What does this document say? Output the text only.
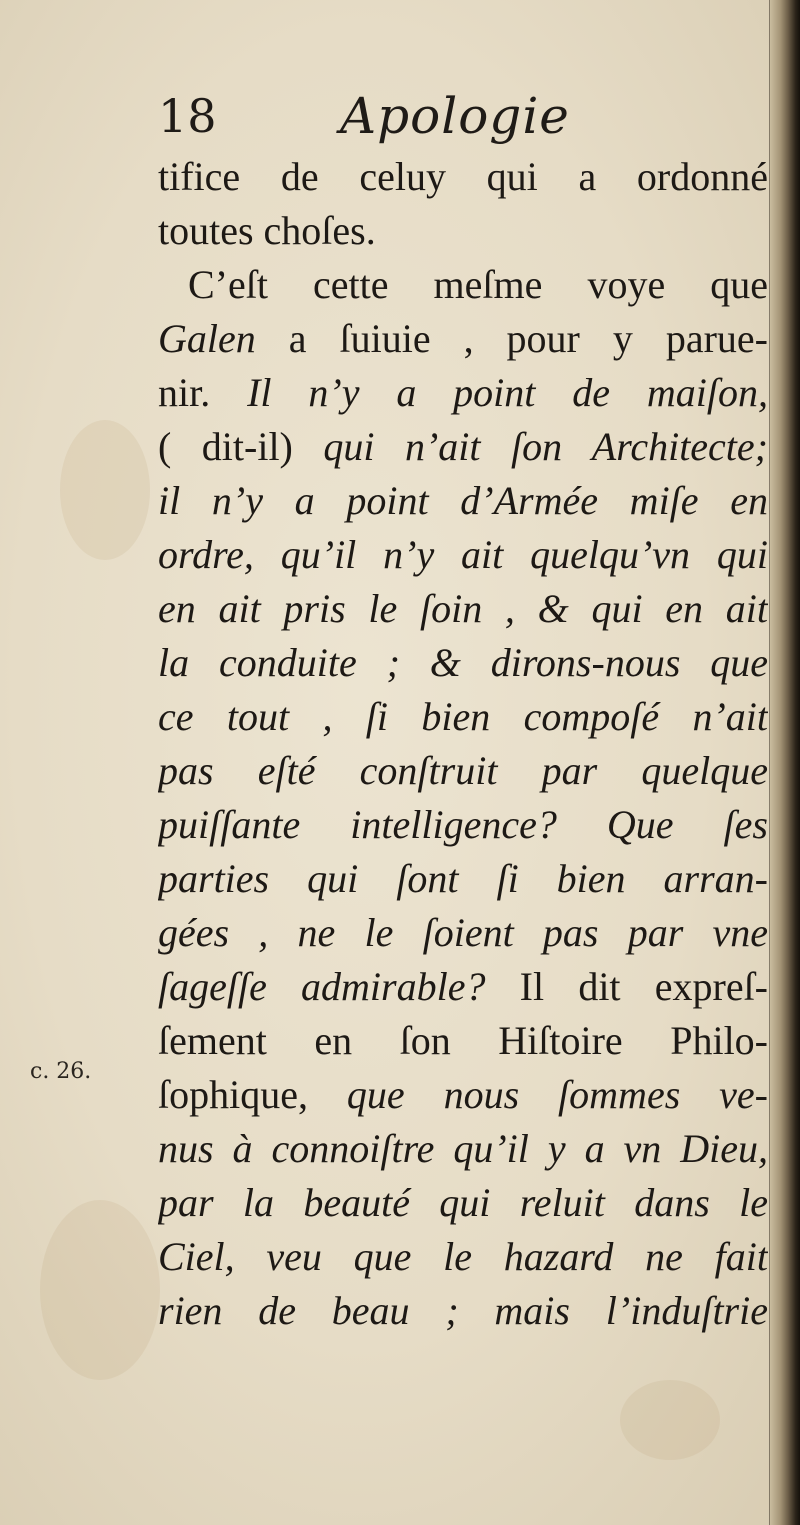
18 Apologie
tifice de celuy qui a ordonné
toutes choſes.
C’eſt cette meſme voye que
Galen a ſuiuie , pour y parue-
nir. Il n’y a point de maiſon,
( dit-il) qui n’ait ſon Architecte;
il n’y a point d’Armée miſe en
ordre, qu’il n’y ait quelqu’vn qui
en ait pris le ſoin , & qui en ait
la conduite ; & dirons-nous que
ce tout , ſi bien compoſé n’ait
pas eſté conſtruit par quelque
puiſſante intelligence? Que ſes
parties qui ſont ſi bien arran-
gées , ne le ſoient pas par vne
ſageſſe admirable? Il dit expreſ-
ſement en ſon Hiſtoire Philo-
ſophique, que nous ſommes ve-
nus à connoiſtre qu’il y a vn Dieu,
par la beauté qui reluit dans le
Ciel, veu que le hazard ne fait
rien de beau ; mais l’induſtrie
c. 26.
